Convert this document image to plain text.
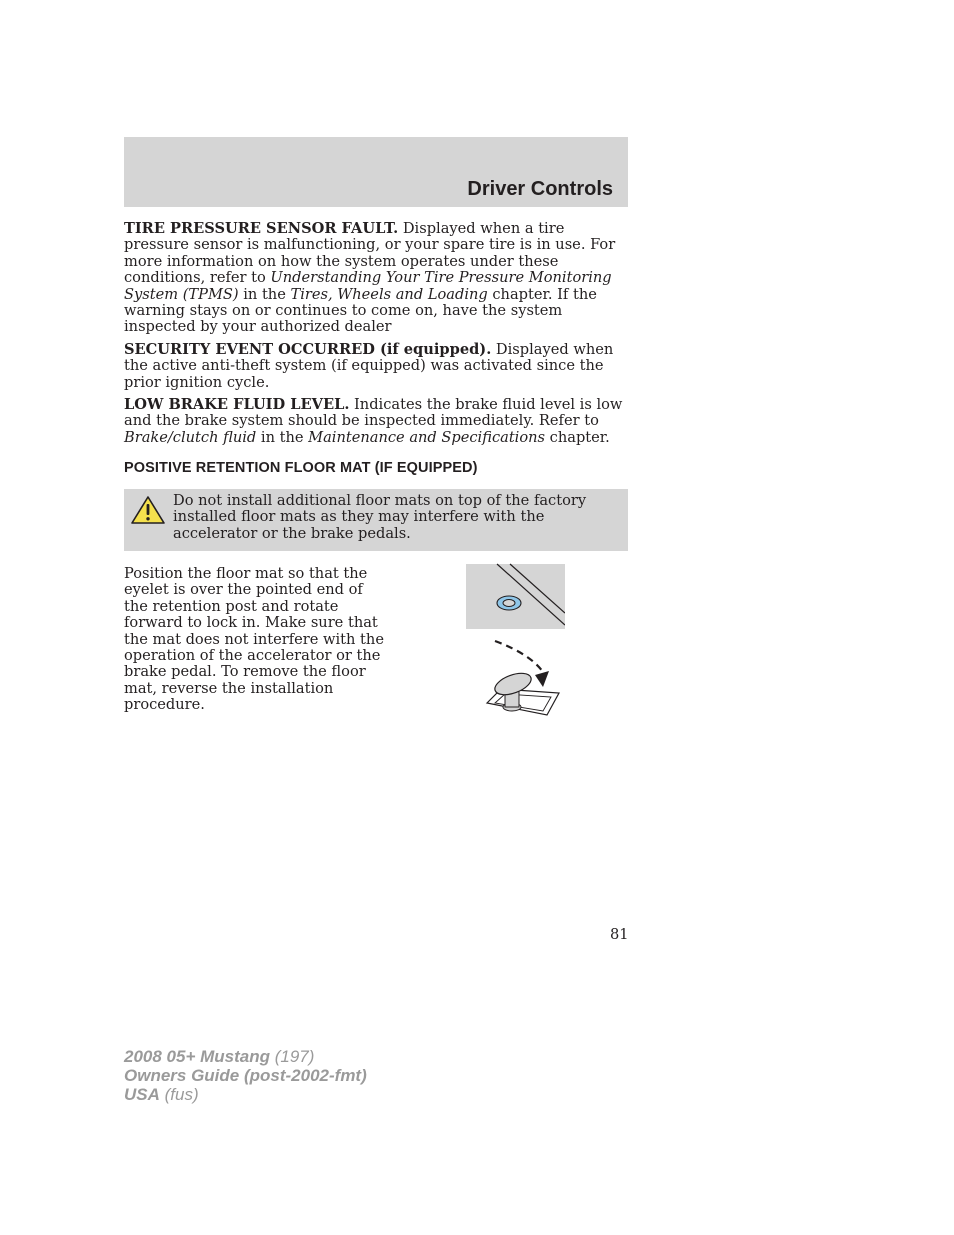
Driver Controls

TIRE PRESSURE SENSOR FAULT. Displayed when a tire pressure sensor is malfunctioning, or your spare tire is in use. For more information on how the system operates under these conditions, refer to Understanding Your Tire Pressure Monitoring System (TPMS) in the Tires, Wheels and Loading chapter. If the warning stays on or continues to come on, have the system inspected by your authorized dealer

SECURITY EVENT OCCURRED (if equipped). Displayed when the active anti-theft system (if equipped) was activated since the prior ignition cycle.

LOW BRAKE FLUID LEVEL. Indicates the brake fluid level is low and the brake system should be inspected immediately. Refer to Brake/clutch fluid in the Maintenance and Specifications chapter.

POSITIVE RETENTION FLOOR MAT (IF EQUIPPED)
Do not install additional floor mats on top of the factory installed floor mats as they may interfere with the accelerator or the brake pedals.

Position the floor mat so that the eyelet is over the pointed end of the retention post and rotate forward to lock in. Make sure that the mat does not interfere with the operation of the accelerator or the brake pedal. To remove the floor mat, reverse the installation procedure.

81
2008 05+ Mustang (197)
Owners Guide (post-2002-fmt)
USA (fus)
